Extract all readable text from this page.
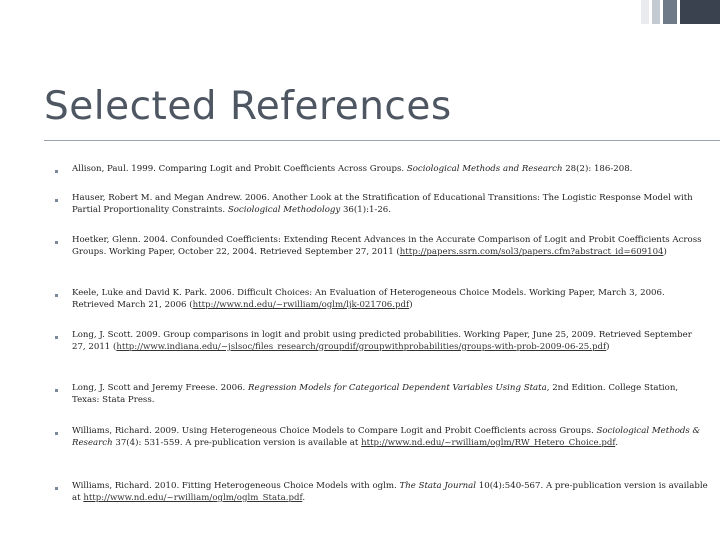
Selected References
Allison, Paul. 1999. Comparing Logit and Probit Coefficients Across Groups. Sociological Methods and Research 28(2): 186-208.
Hauser, Robert M. and Megan Andrew. 2006. Another Look at the Stratification of Educational Transitions: The Logistic Response Model with Partial Proportionality Constraints. Sociological Methodology 36(1):1-26.
Hoetker, Glenn. 2004. Confounded Coefficients: Extending Recent Advances in the Accurate Comparison of Logit and Probit Coefficients Across Groups. Working Paper, October 22, 2004. Retrieved September 27, 2011 (http://papers.ssrn.com/sol3/papers.cfm?abstract_id=609104)
Keele, Luke and David K. Park. 2006. Difficult Choices: An Evaluation of Heterogeneous Choice Models. Working Paper, March 3, 2006. Retrieved March 21, 2006 (http://www.nd.edu/~rwilliam/oglm/ljk-021706.pdf)
Long, J. Scott. 2009. Group comparisons in logit and probit using predicted probabilities. Working Paper, June 25, 2009. Retrieved September 27, 2011 (http://www.indiana.edu/~jslsoc/files_research/groupdif/groupwithprobabilities/groups-with-prob-2009-06-25.pdf)
Long, J. Scott and Jeremy Freese. 2006. Regression Models for Categorical Dependent Variables Using Stata, 2nd Edition. College Station, Texas: Stata Press.
Williams, Richard. 2009. Using Heterogeneous Choice Models to Compare Logit and Probit Coefficients across Groups. Sociological Methods & Research 37(4): 531-559. A pre-publication version is available at http://www.nd.edu/~rwilliam/oglm/RW_Hetero_Choice.pdf.
Williams, Richard. 2010. Fitting Heterogeneous Choice Models with oglm. The Stata Journal 10(4):540-567. A pre-publication version is available at http://www.nd.edu/~rwilliam/oglm/oglm_Stata.pdf.
